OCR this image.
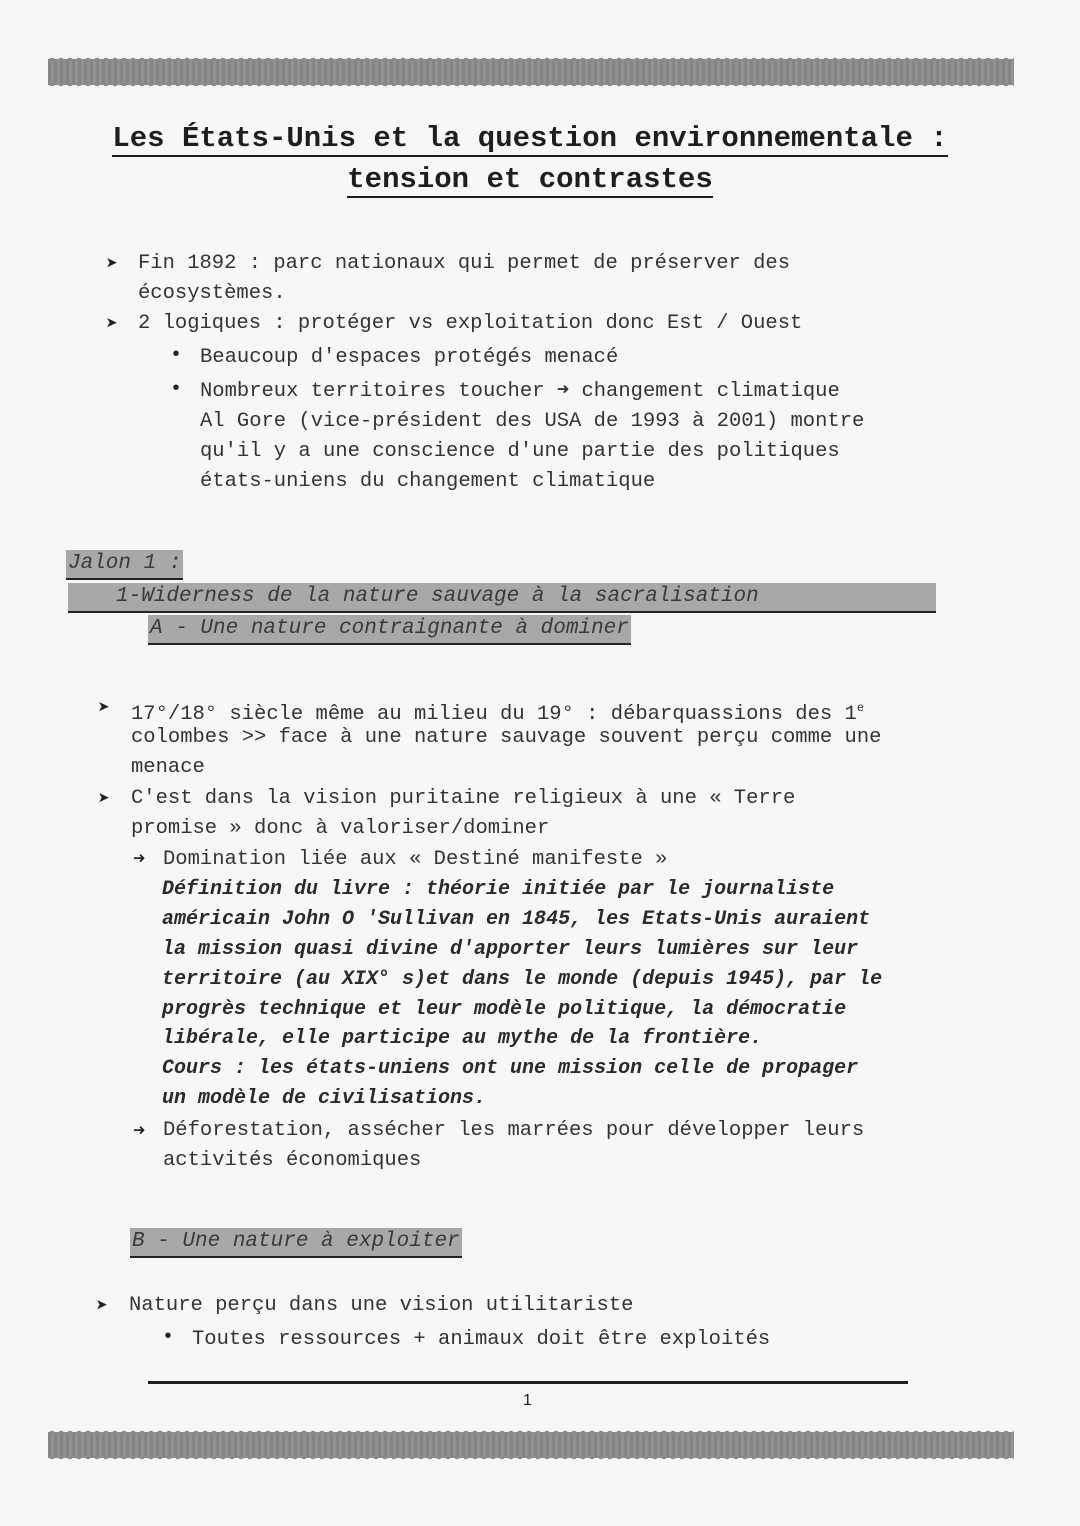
Les États-Unis et la question environnementale :
tension et contrastes
➤ Fin 1892 : parc nationaux qui permet de préserver des
écosystèmes.
➤ 2 logiques : protéger vs exploitation donc Est / Ouest
• Beaucoup d'espaces protégés menacé
• Nombreux territoires toucher ➜ changement climatique
Al Gore (vice-président des USA de 1993 à 2001) montre
qu'il y a une conscience d'une partie des politiques
états-uniens du changement climatique
Jalon 1 :
1-Widerness de la nature sauvage à la sacralisation
A - Une nature contraignante à dominer
➤ 17°/18° siècle même au milieu du 19° : débarquassions des 1e
colombes >> face à une nature sauvage souvent perçu comme une
menace
➤ C'est dans la vision puritaine religieux à une « Terre
promise » donc à valoriser/dominer
➜ Domination liée aux « Destiné manifeste »
Définition du livre : théorie initiée par le journaliste
américain John O 'Sullivan en 1845, les Etats-Unis auraient
la mission quasi divine d'apporter leurs lumières sur leur
territoire (au XIX° s)et dans le monde (depuis 1945), par le
progrès technique et leur modèle politique, la démocratie
libérale, elle participe au mythe de la frontière.
Cours : les états-uniens ont une mission celle de propager
un modèle de civilisations.
➜ Déforestation, assécher les marrées pour développer leurs
activités économiques
B - Une nature à exploiter
➤ Nature perçu dans une vision utilitariste
• Toutes ressources + animaux doit être exploités
1
